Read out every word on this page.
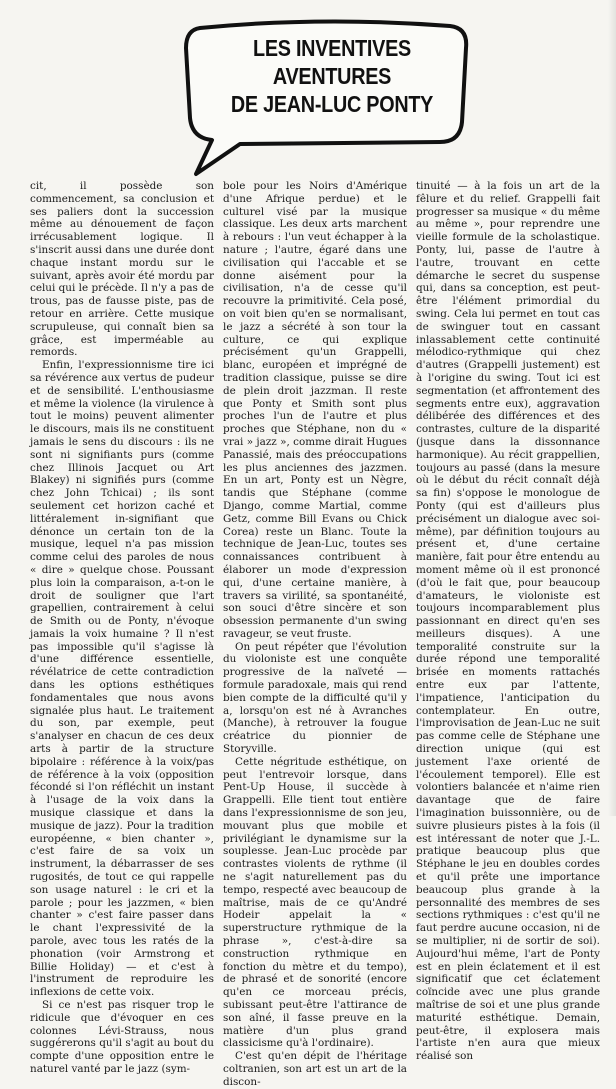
LES INVENTIVES
AVENTURES
DE JEAN-LUC PONTY

cit, il possède son commencement, sa conclusion et ses paliers dont la succession même au dénouement de façon irrécusablement logique. Il s'inscrit aussi dans une durée dont chaque instant mordu sur le suivant, après avoir été mordu par celui qui le précède. Il n'y a pas de trous, pas de fausse piste, pas de retour en arrière. Cette musique scrupuleuse, qui connaît bien sa grâce, est imperméable au remords.

Enfin, l'expressionnisme tire ici sa révérence aux vertus de pudeur et de sensibilité. L'enthousiasme et même la violence (la virulence à tout le moins) peuvent alimenter le discours, mais ils ne constituent jamais le sens du discours : ils ne sont ni signifiants purs (comme chez Illinois Jacquet ou Art Blakey) ni signifiés purs (comme chez John Tchicai) ; ils sont seulement cet horizon caché et littéralement in-signifiant que dénonce un certain ton de la musique, lequel n'a pas mission comme celui des paroles de nous « dire » quelque chose. Poussant plus loin la comparaison, a-t-on le droit de souligner que l'art grapellien, contrairement à celui de Smith ou de Ponty, n'évoque jamais la voix humaine ? Il n'est pas impossible qu'il s'agisse là d'une différence essentielle, révélatrice de cette contradiction dans les options esthétiques fondamentales que nous avons signalée plus haut. Le traitement du son, par exemple, peut s'analyser en chacun de ces deux arts à partir de la structure bipolaire : référence à la voix/pas de référence à la voix (opposition fécondé si l'on réfléchit un instant à l'usage de la voix dans la musique classique et dans la musique de jazz). Pour la tradition européenne, « bien chanter », c'est faire de sa voix un instrument, la débarrasser de ses rugosités, de tout ce qui rappelle son usage naturel : le cri et la parole ; pour les jazzmen, « bien chanter » c'est faire passer dans le chant l'expressivité de la parole, avec tous les ratés de la phonation (voir Armstrong et Billie Holiday) — et c'est à l'instrument de reproduire les inflexions de cette voix.

Si ce n'est pas risquer trop le ridicule que d'évoquer en ces colonnes Lévi-Strauss, nous suggérerons qu'il s'agit au bout du compte d'une opposition entre le naturel vanté par le jazz (sym-

bole pour les Noirs d'Amérique d'une Afrique perdue) et le culturel visé par la musique classique. Les deux arts marchent à rebours : l'un veut échapper à la nature ; l'autre, égaré dans une civilisation qui l'accable et se donne aisément pour la civilisation, n'a de cesse qu'il recouvre la primitivité. Cela posé, on voit bien qu'en se normalisant, le jazz a sécrété à son tour la culture, ce qui explique précisément qu'un Grappelli, blanc, européen et imprégné de tradition classique, puisse se dire de plein droit jazzman. Il reste que Ponty et Smith sont plus proches l'un de l'autre et plus proches que Stéphane, non du « vrai » jazz », comme dirait Hugues Panassié, mais des préoccupations les plus anciennes des jazzmen. En un art, Ponty est un Nègre, tandis que Stéphane (comme Django, comme Martial, comme Getz, comme Bill Evans ou Chick Corea) reste un Blanc. Toute la technique de Jean-Luc, toutes ses connaissances contribuent à élaborer un mode d'expression qui, d'une certaine manière, à travers sa virilité, sa spontanéité, son souci d'être sincère et son obsession permanente d'un swing ravageur, se veut fruste.

On peut répéter que l'évolution du violoniste est une conquête progressive de la naïveté — formule paradoxale, mais qui rend bien compte de la difficulté qu'il y a, lorsqu'on est né à Avranches (Manche), à retrouver la fougue créatrice du pionnier de Storyville.

Cette négritude esthétique, on peut l'entrevoir lorsque, dans Pent-Up House, il succède à Grappelli. Elle tient tout entière dans l'expressionnisme de son jeu, mouvant plus que mobile et privilégiant le dynamisme sur la souplesse. Jean-Luc procède par contrastes violents de rythme (il ne s'agit naturellement pas du tempo, respecté avec beaucoup de maîtrise, mais de ce qu'André Hodeir appelait la « superstructure rythmique de la phrase », c'est-à-dire sa construction rythmique en fonction du mètre et du tempo), de phrasé et de sonorité (encore qu'en ce morceau précis, subissant peut-être l'attirance de son aîné, il fasse preuve en la matière d'un plus grand classicisme qu'à l'ordinaire).

C'est qu'en dépit de l'héritage coltranien, son art est un art de la discon-

tinuité — à la fois un art de la fêlure et du relief. Grappelli fait progresser sa musique « du même au même », pour reprendre une vieille formule de la scholastique. Ponty, lui, passe de l'autre à l'autre, trouvant en cette démarche le secret du suspense qui, dans sa conception, est peut-être l'élément primordial du swing. Cela lui permet en tout cas de swinguer tout en cassant inlassablement cette continuité mélodico-rythmique qui chez d'autres (Grappelli justement) est à l'origine du swing. Tout ici est segmentation (et affrontement des segments entre eux), aggravation délibérée des différences et des contrastes, culture de la disparité (jusque dans la dissonnance harmonique). Au récit grappellien, toujours au passé (dans la mesure où le début du récit connaît déjà sa fin) s'oppose le monologue de Ponty (qui est d'ailleurs plus précisément un dialogue avec soi-même), par définition toujours au présent et, d'une certaine manière, fait pour être entendu au moment même où il est prononcé (d'où le fait que, pour beaucoup d'amateurs, le violoniste est toujours incomparablement plus passionnant en direct qu'en ses meilleurs disques). A une temporalité construite sur la durée répond une temporalité brisée en moments rattachés entre eux par l'attente, l'impatience, l'anticipation du contemplateur. En outre, l'improvisation de Jean-Luc ne suit pas comme celle de Stéphane une direction unique (qui est justement l'axe orienté de l'écoulement temporel). Elle est volontiers balancée et n'aime rien davantage que de faire l'imagination buissonnière, ou de suivre plusieurs pistes à la fois (il est intéressant de noter que J.-L. pratique beaucoup plus que Stéphane le jeu en doubles cordes et qu'il prête une importance beaucoup plus grande à la personnalité des membres de ses sections rythmiques : c'est qu'il ne faut perdre aucune occasion, ni de se multiplier, ni de sortir de soi). Aujourd'hui même, l'art de Ponty est en plein éclatement et il est significatif que cet éclatement coïncide avec une plus grande maîtrise de soi et une plus grande maturité esthétique. Demain, peut-être, il explosera mais l'artiste n'en aura que mieux réalisé son
